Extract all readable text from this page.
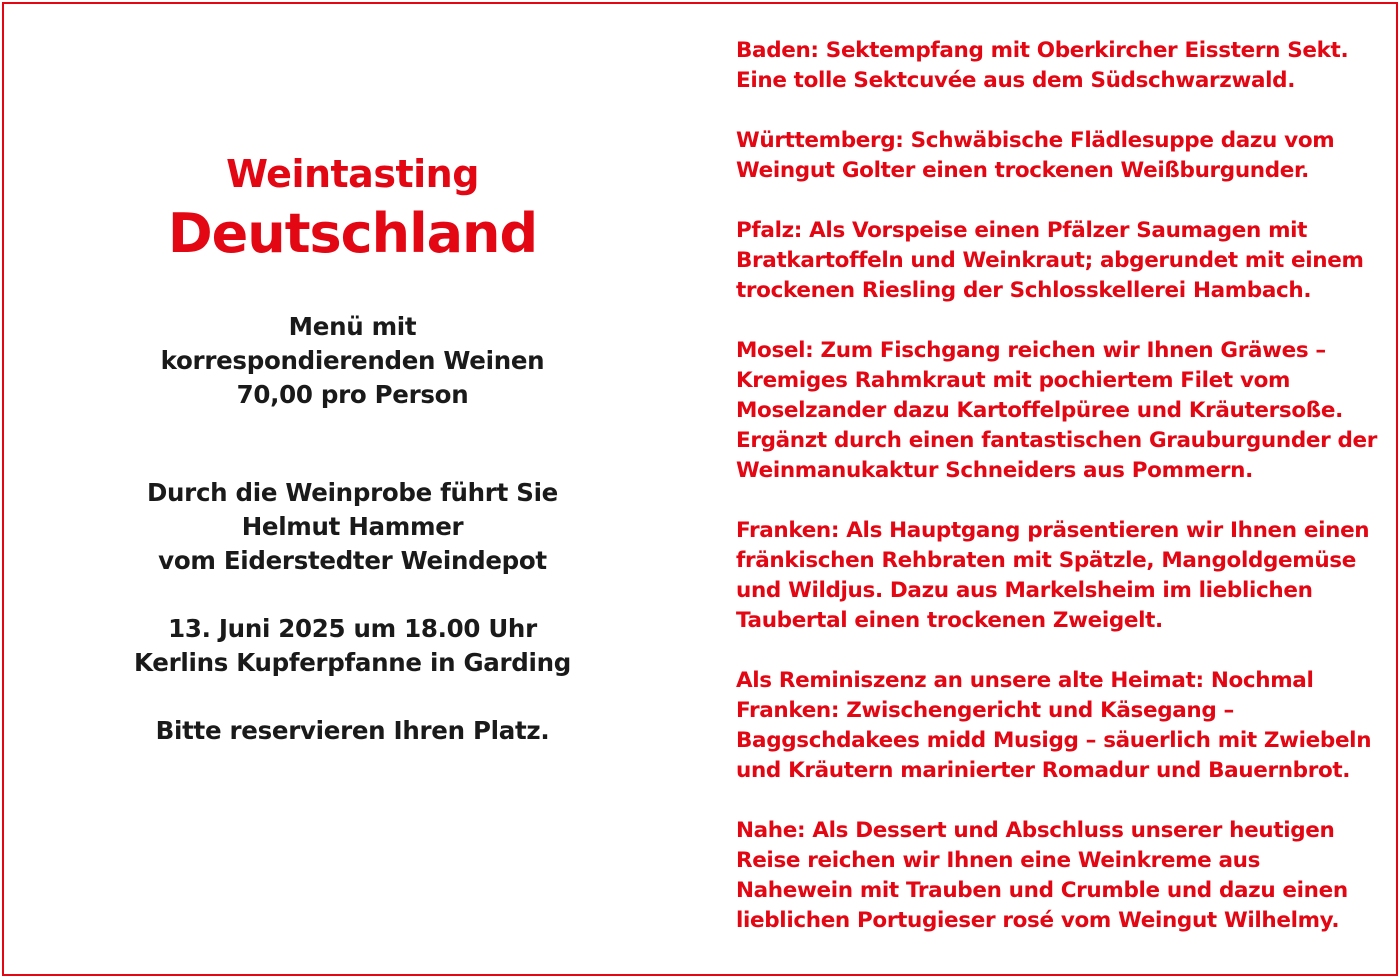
Weintasting
Deutschland
Menü mit
korrespondierenden Weinen
70,00 pro Person
Durch die Weinprobe führt Sie
Helmut Hammer
vom Eiderstedter Weindepot
13. Juni 2025 um 18.00 Uhr
Kerlins Kupferpfanne in Garding
Bitte reservieren Ihren Platz.
Baden: Sektempfang mit Oberkircher Eisstern Sekt.
Eine tolle Sektcuvée aus dem Südschwarzwald.
Württemberg: Schwäbische Flädlesuppe dazu vom
Weingut Golter einen trockenen Weißburgunder.
Pfalz: Als Vorspeise einen Pfälzer Saumagen mit
Bratkartoffeln und Weinkraut; abgerundet mit einem
trockenen Riesling der Schlosskellerei Hambach.
Mosel: Zum Fischgang reichen wir Ihnen Gräwes –
Kremiges Rahmkraut mit pochiertem Filet vom
Moselzander dazu Kartoffelpüree und Kräutersoße.
Ergänzt durch einen fantastischen Grauburgunder der
Weinmanukaktur Schneiders aus Pommern.
Franken: Als Hauptgang präsentieren wir Ihnen einen
fränkischen Rehbraten mit Spätzle, Mangoldgemüse
und Wildjus. Dazu aus Markelsheim im lieblichen
Taubertal einen trockenen Zweigelt.
Als Reminiszenz an unsere alte Heimat: Nochmal
Franken: Zwischengericht und Käsegang –
Baggschdakees midd Musigg – säuerlich mit Zwiebeln
und Kräutern marinierter Romadur und Bauernbrot.
Nahe: Als Dessert und Abschluss unserer heutigen
Reise reichen wir Ihnen eine Weinkreme aus
Nahewein mit Trauben und Crumble und dazu einen
lieblichen Portugieser rosé vom Weingut Wilhelmy.
